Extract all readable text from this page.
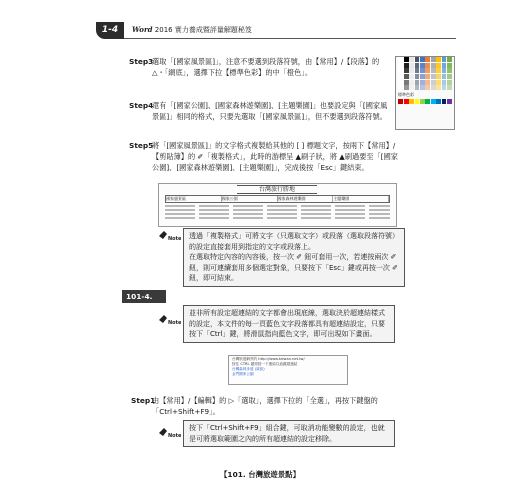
1-4	Word 2016 實力養成暨評量解題秘笈
Step3
選取「[國家風景區]」，注意不要選到段落符號，由【常用】/【段落】的 △・「網底」，選擇下拉【標準色彩】的中「橙色」。
標準色彩
Step4
還有「[國家公園]、[國家森林遊樂園]、[主題樂園]」也要設定與「[國家風景區]」相同的格式，只要先選取「[國家風景區]」，但不要選到段落符號。
Step5
將「[國家風景區]」的文字格式複製給其他的 [ ] 標題文字，按兩下【常用】/【剪貼簿】的 ✐「複製格式」，此時的游標呈 ▲刷子狀，將 ▲刷過要至「[國家公園]、[國家森林遊樂園]、[主題樂園]」，完成後按「Esc」鍵結束。
台灣旅行勝地
國家風景區	國家公園	國家森林遊樂園	主題樂園
Note 透過「複製格式」可將文字（只選取文字）或段落（選取段落符號）的設定直接套用到指定的文字或段落上。
在選取特定內容的內容後，按一次 ✐ 鈕可套用一次，若連按兩次 ✐ 鈕，則可連續套用多個選定對象，只要按下「Esc」鍵或再按一次 ✐ 鈕，即可結束。
101-4.
Note
並非所有設定超連結的文字都會出現底線，選取決於超連結樣式的設定，本文件的每一頁藍色文字段落都具有超連結設定，只要按下「Ctrl」鍵，將滑鼠指向藍色文字，即可出現如下畫面。
台灣旅遊網頁的 http://www.taiwan.net.tw/
按住 CTRL 鍵再按一下連結以追蹤超連結
台灣森林步道 (資訊)
金門國家公園
Step1
由【常用】/【編輯】的 ▷「選取」，選擇下拉的「全選」，再按下鍵盤的「Ctrl+Shift+F9」。
Note
按下「Ctrl+Shift+F9」組合鍵，可取消功能變數的設定，也就是可將選取範圍之內的所有超連結的設定移除。
【101. 台灣旅遊景點】
